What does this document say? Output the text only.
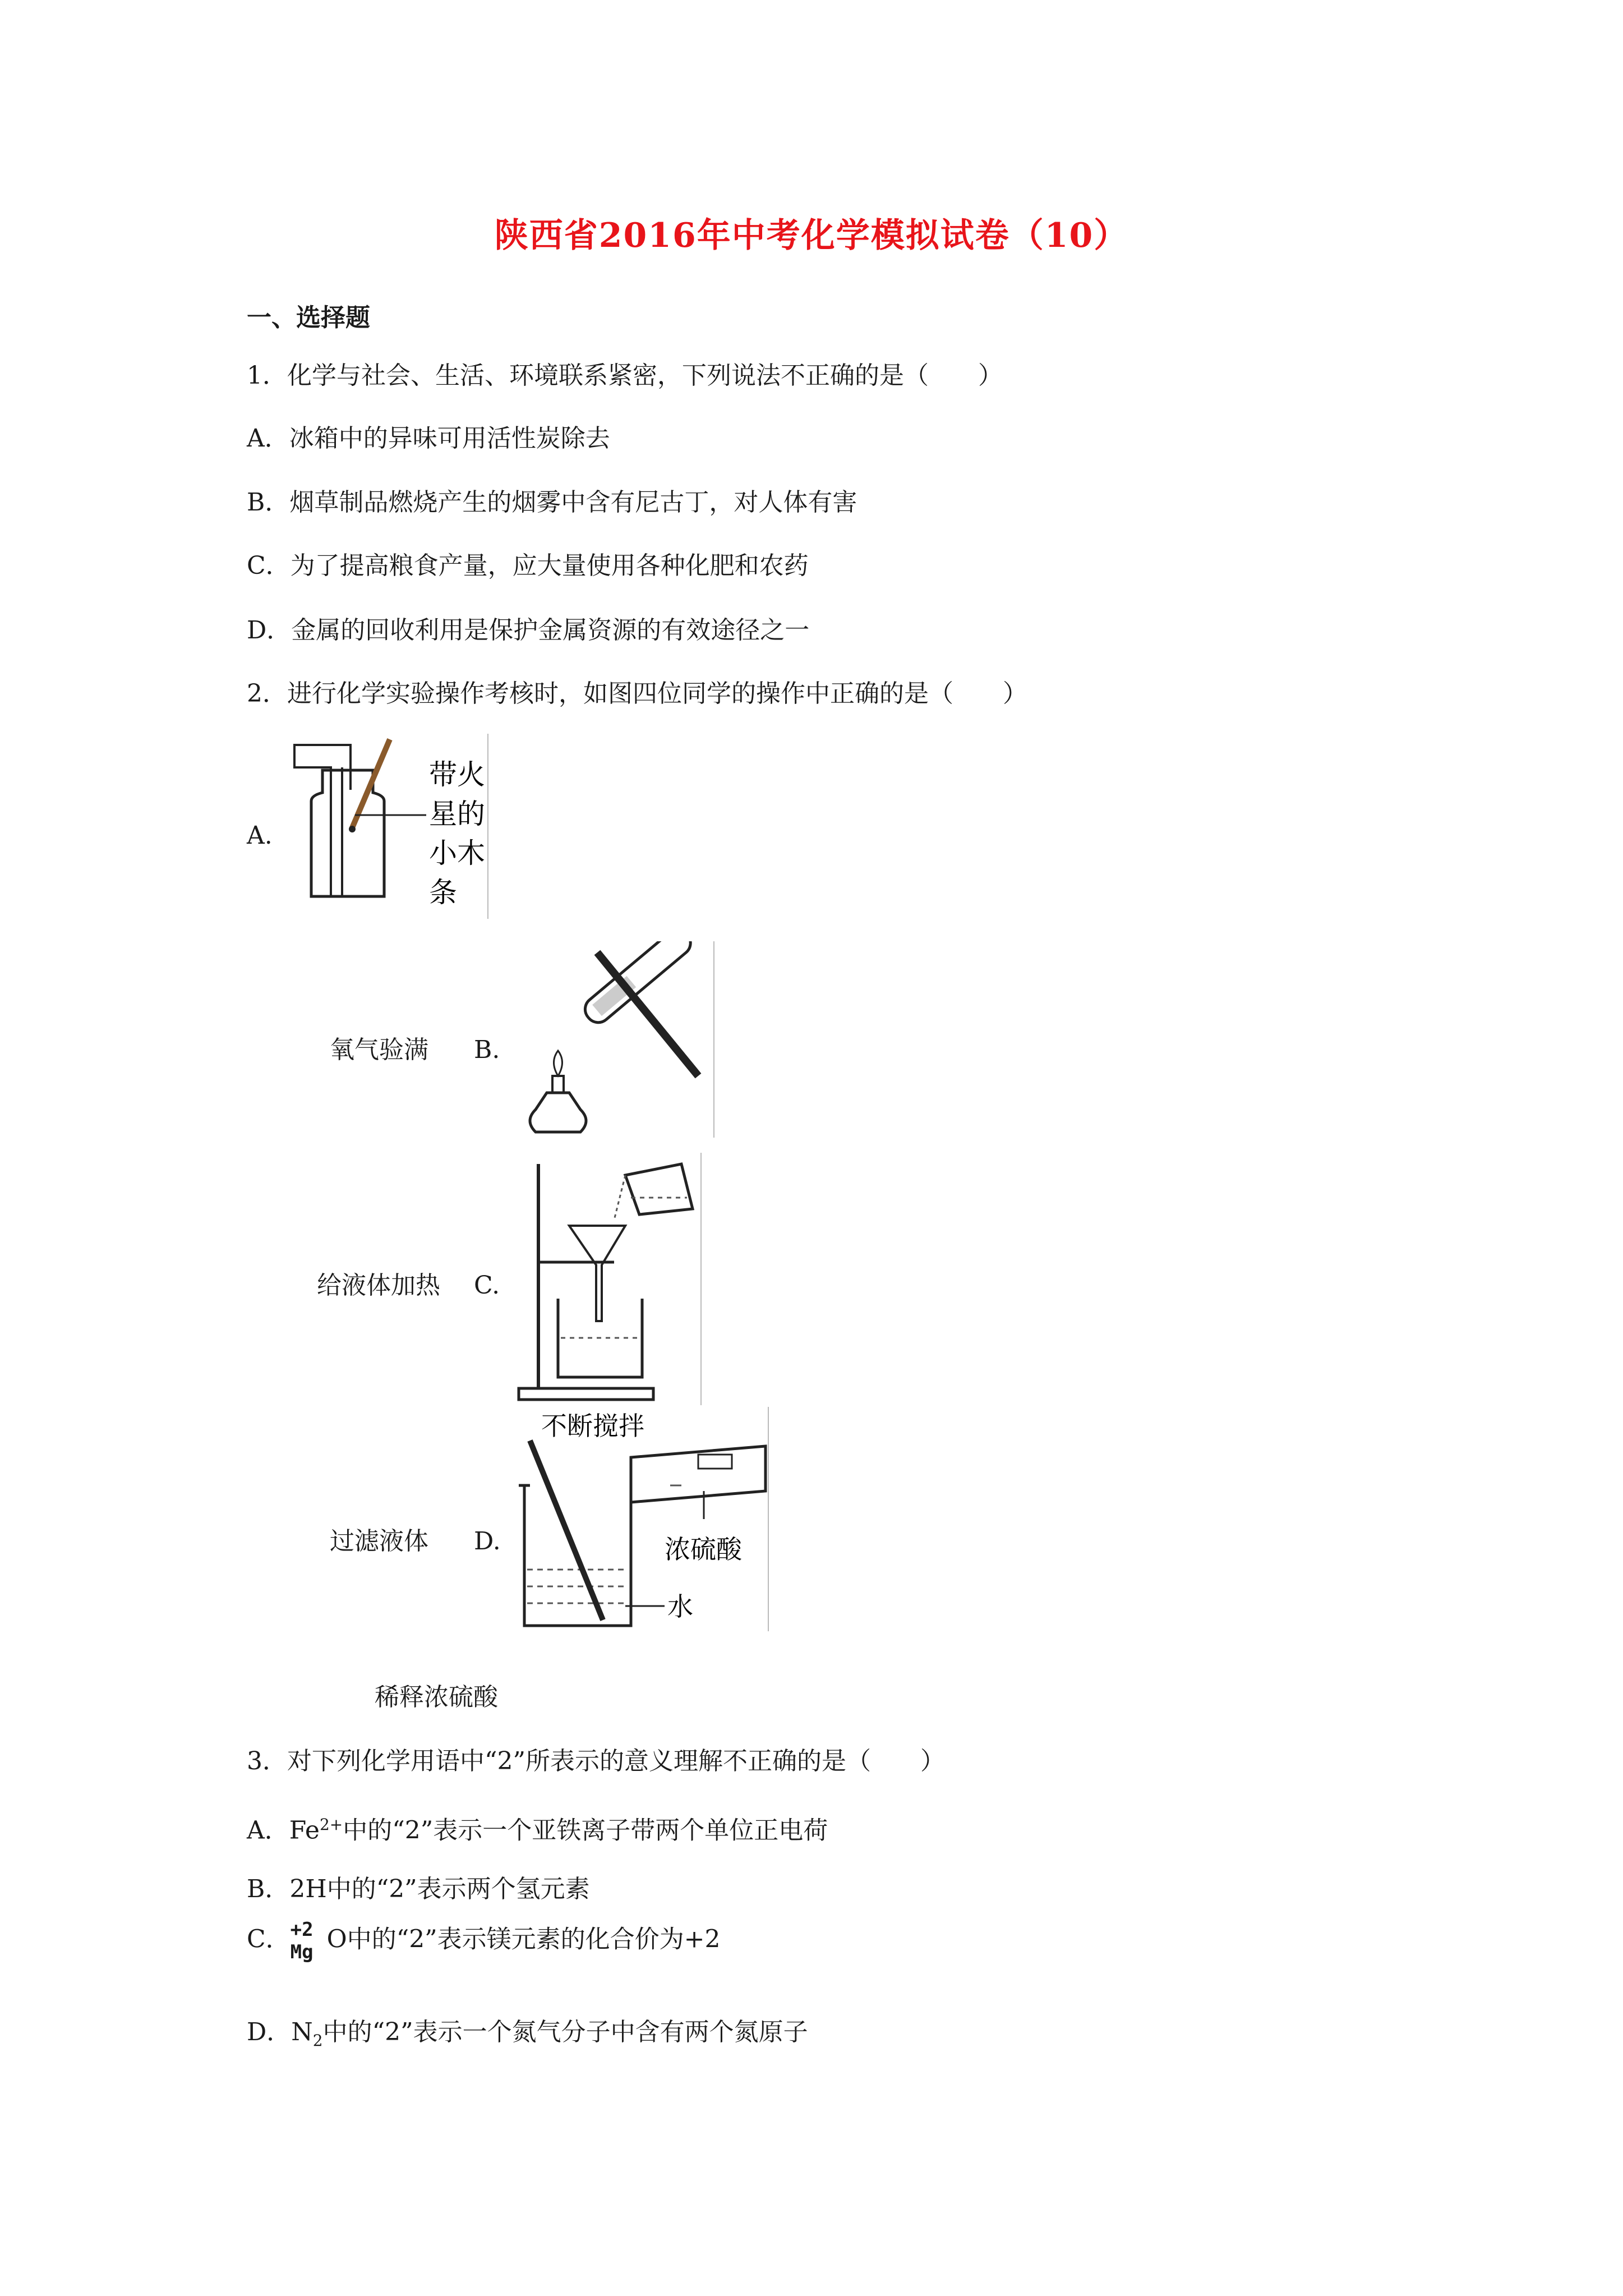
陕西省2016年中考化学模拟试卷（10）
一、选择题
1．化学与社会、生活、环境联系紧密，下列说法不正确的是（　　）
A．冰箱中的异味可用活性炭除去
B．烟草制品燃烧产生的烟雾中含有尼古丁，对人体有害
C．为了提高粮食产量，应大量使用各种化肥和农药
D．金属的回收利用是保护金属资源的有效途径之一
2．进行化学实验操作考核时，如图四位同学的操作中正确的是（　　）
A.
带火
星的
小木
条
氧气验满 B.
给液体加热 C.
过滤液体 D.
不断搅拌
浓硫酸
水
稀释浓硫酸
3．对下列化学用语中“2”所表示的意义理解不正确的是（　　）
A．$Fe^{2+}$中的“2”表示一个亚铁离子带两个单位正电荷
B．2H中的“2”表示两个氢元素
C． +2
Mg O中的“2”表示镁元素的化合价为+2
D．$N_2$中的“2”表示一个氮气分子中含有两个氮原子
